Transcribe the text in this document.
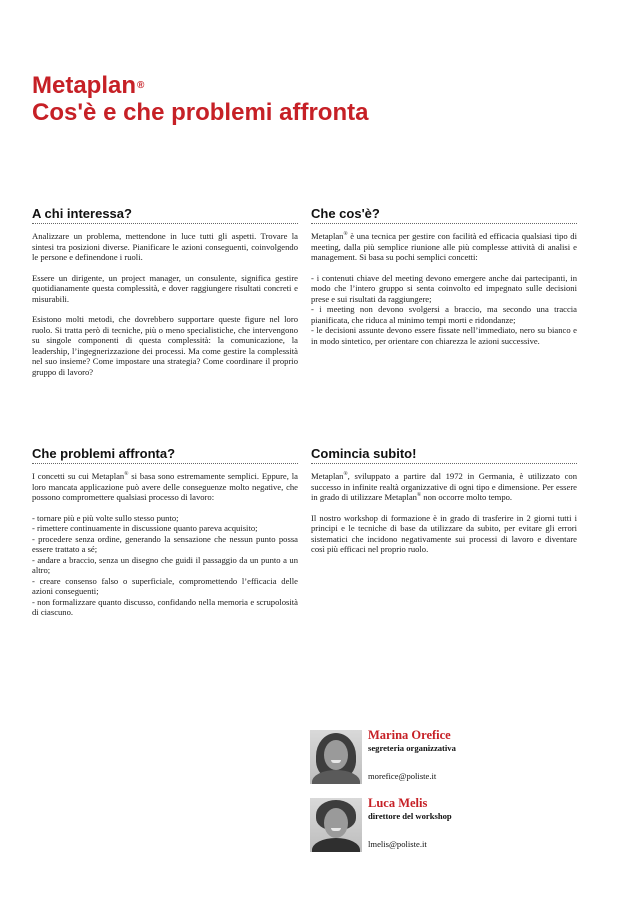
Metaplan®
Cos'è e che problemi affronta
A chi interessa?

Analizzare un problema, mettendone in luce tutti gli aspetti. Trovare la sintesi tra posizioni diverse. Pianificare le azioni conseguenti, coinvolgendo le persone e definendone i ruoli.

Essere un dirigente, un project manager, un consulente, significa gestire quotidianamente questa complessità, e dover raggiungere risultati concreti e misurabili.

Esistono molti metodi, che dovrebbero supportare queste figure nel loro ruolo. Si tratta però di tecniche, più o meno specialistiche, che intervengono su singole componenti di questa complessità: la comunicazione, la leadership, l’ingegnerizzazione dei processi. Ma come gestire la complessità nel suo insieme? Come impostare una strategia? Come coordinare il proprio gruppo di lavoro?

Che cos'è?

Metaplan® è una tecnica per gestire con facilità ed efficacia qualsiasi tipo di meeting, dalla più semplice riunione alle più complesse attività di analisi e management. Si basa su pochi semplici concetti:

- i contenuti chiave del meeting devono emergere anche dai partecipanti, in modo che l’intero gruppo si senta coinvolto ed impegnato sulle decisioni prese e sui risultati da raggiungere;
- i meeting non devono svolgersi a braccio, ma secondo una traccia pianificata, che riduca al minimo tempi morti e ridondanze;
- le decisioni assunte devono essere fissate nell’immediato, nero su bianco e in modo sintetico, per orientare con chiarezza le azioni successive.

Che problemi affronta?

I concetti su cui Metaplan® si basa sono estremamente semplici. Eppure, la loro mancata applicazione può avere delle conseguenze molto negative, che possono compromettere qualsiasi processo di lavoro:

- tornare più e più volte sullo stesso punto;
- rimettere continuamente in discussione quanto pareva acquisito;
- procedere senza ordine, generando la sensazione che nessun punto possa essere trattato a sé;
- andare a braccio, senza un disegno che guidi il passaggio da un punto a un altro;
- creare consenso falso o superficiale, compromettendo l’efficacia delle azioni conseguenti;
- non formalizzare quanto discusso, confidando nella memoria e scrupolosità di ciascuno.

Comincia subito!

Metaplan®, sviluppato a partire dal 1972 in Germania, è utilizzato con successo in infinite realtà organizzative di ogni tipo e dimensione. Per essere in grado di utilizzare Metaplan® non occorre molto tempo.

Il nostro workshop di formazione è in grado di trasferire in 2 giorni tutti i principi e le tecniche di base da utilizzare da subito, per evitare gli errori sistematici che incidono negativamente sui processi di lavoro e diventare così più efficaci nel proprio ruolo.

Marina Orefice
segreteria organizzativa
morefice@poliste.it
Luca Melis
direttore del workshop
lmelis@poliste.it
